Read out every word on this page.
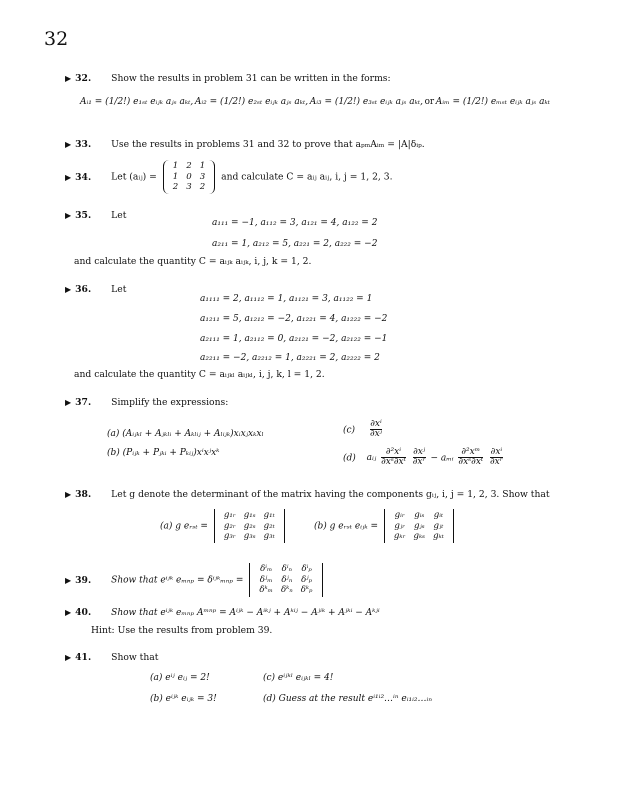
32
▶ 32. Show the results in problem 31 can be written in the forms:
Aᵢ₁ = (1/2!) e₁ₛₜ eᵢⱼₖ aⱼₛ aₖₜ, Aᵢ₂ = (1/2!) e₂ₛₜ eᵢⱼₖ aⱼₛ aₖₜ, Aᵢ₃ = (1/2!) e₃ₛₜ eᵢⱼₖ aⱼₛ aₖₜ, or Aᵢₘ = (1/2!) eₘₛₜ eᵢⱼₖ aⱼₛ aₖₜ
▶ 33. Use the results in problems 31 and 32 to prove that aₚₘAᵢₘ = |A|δᵢₚ.
▶ 34. Let (aᵢⱼ) =
1	2	1
1	0	3
2	3	2
and calculate C = aᵢⱼ aᵢⱼ, i, j = 1, 2, 3.
▶ 35. Let
a₁₁₁ = −1, a₁₁₂ = 3, a₁₂₁ = 4, a₁₂₂ = 2
a₂₁₁ = 1, a₂₁₂ = 5, a₂₂₁ = 2, a₂₂₂ = −2
and calculate the quantity C = aᵢⱼₖ aᵢⱼₖ, i, j, k = 1, 2.
▶ 36. Let
a₁₁₁₁ = 2, a₁₁₁₂ = 1, a₁₁₂₁ = 3, a₁₁₂₂ = 1
a₁₂₁₁ = 5, a₁₂₁₂ = −2, a₁₂₂₁ = 4, a₁₂₂₂ = −2
a₂₁₁₁ = 1, a₂₁₁₂ = 0, a₂₁₂₁ = −2, a₂₁₂₂ = −1
a₂₂₁₁ = −2, a₂₂₁₂ = 1, a₂₂₂₁ = 2, a₂₂₂₂ = 2
and calculate the quantity C = aᵢⱼₖₗ aᵢⱼₖₗ, i, j, k, l = 1, 2.
▶ 37. Simplify the expressions:
(a) (Aᵢⱼₖₗ + Aⱼₖₗᵢ + Aₖₗᵢⱼ + Aₗᵢⱼₖ)xᵢxⱼxₖxₗ
(b) (Pᵢⱼₖ + Pⱼₖᵢ + Pₖᵢⱼ)xⁱxʲxᵏ
$(c) \frac{\text{∂xⁱ}}{\text{∂xʲ}}$
(d) aᵢⱼ $\frac{\text{∂²xⁱ}}{\text{∂xˢ∂xᵗ}}$
$\frac{\text{∂xʲ}}{\text{∂xʳ}}$ − aₘᵢ $\frac{\text{∂²xᵐ}}{\text{∂xˢ∂xᵗ}}$
$\frac{\text{∂xⁱ}}{\text{∂xʳ}}$
▶ 38. Let g denote the determinant of the matrix having the components gᵢⱼ, i, j = 1, 2, 3. Show that
(a) g eᵣₛₜ =
g₁ᵣ	g₁ₛ	g₁ₜ
g₂ᵣ	g₂ₛ	g₂ₜ
g₃ᵣ	g₃ₛ	g₃ₜ
(b) g eᵣₛₜ eᵢⱼₖ =
gᵢᵣ	gᵢₛ	gᵢₜ
gⱼᵣ	gⱼₛ	gⱼₜ
gₖᵣ	gₖₛ	gₖₜ
▶ 39. Show that eⁱʲᵏ eₘₙₚ = δⁱʲᵏₘₙₚ =
δⁱₘ	δⁱₙ	δⁱₚ
δʲₘ	δʲₙ	δʲₚ
δᵏₘ	δᵏₙ	δᵏₚ
▶ 40. Show that eⁱʲᵏ eₘₙₚ Aᵐⁿᵖ = Aⁱʲᵏ − Aⁱᵏʲ + Aᵏⁱʲ − Aʲⁱᵏ + Aʲᵏⁱ − Aᵏʲⁱ
Hint: Use the results from problem 39.
▶ 41. Show that
(a) eⁱʲ eᵢⱼ = 2!
(b) eⁱʲᵏ eᵢⱼₖ = 3!
(c) eⁱʲᵏˡ eᵢⱼₖₗ = 4!
(d) Guess at the result eⁱ¹ⁱ²…ⁱⁿ eᵢ₁ᵢ₂…ᵢₙ
